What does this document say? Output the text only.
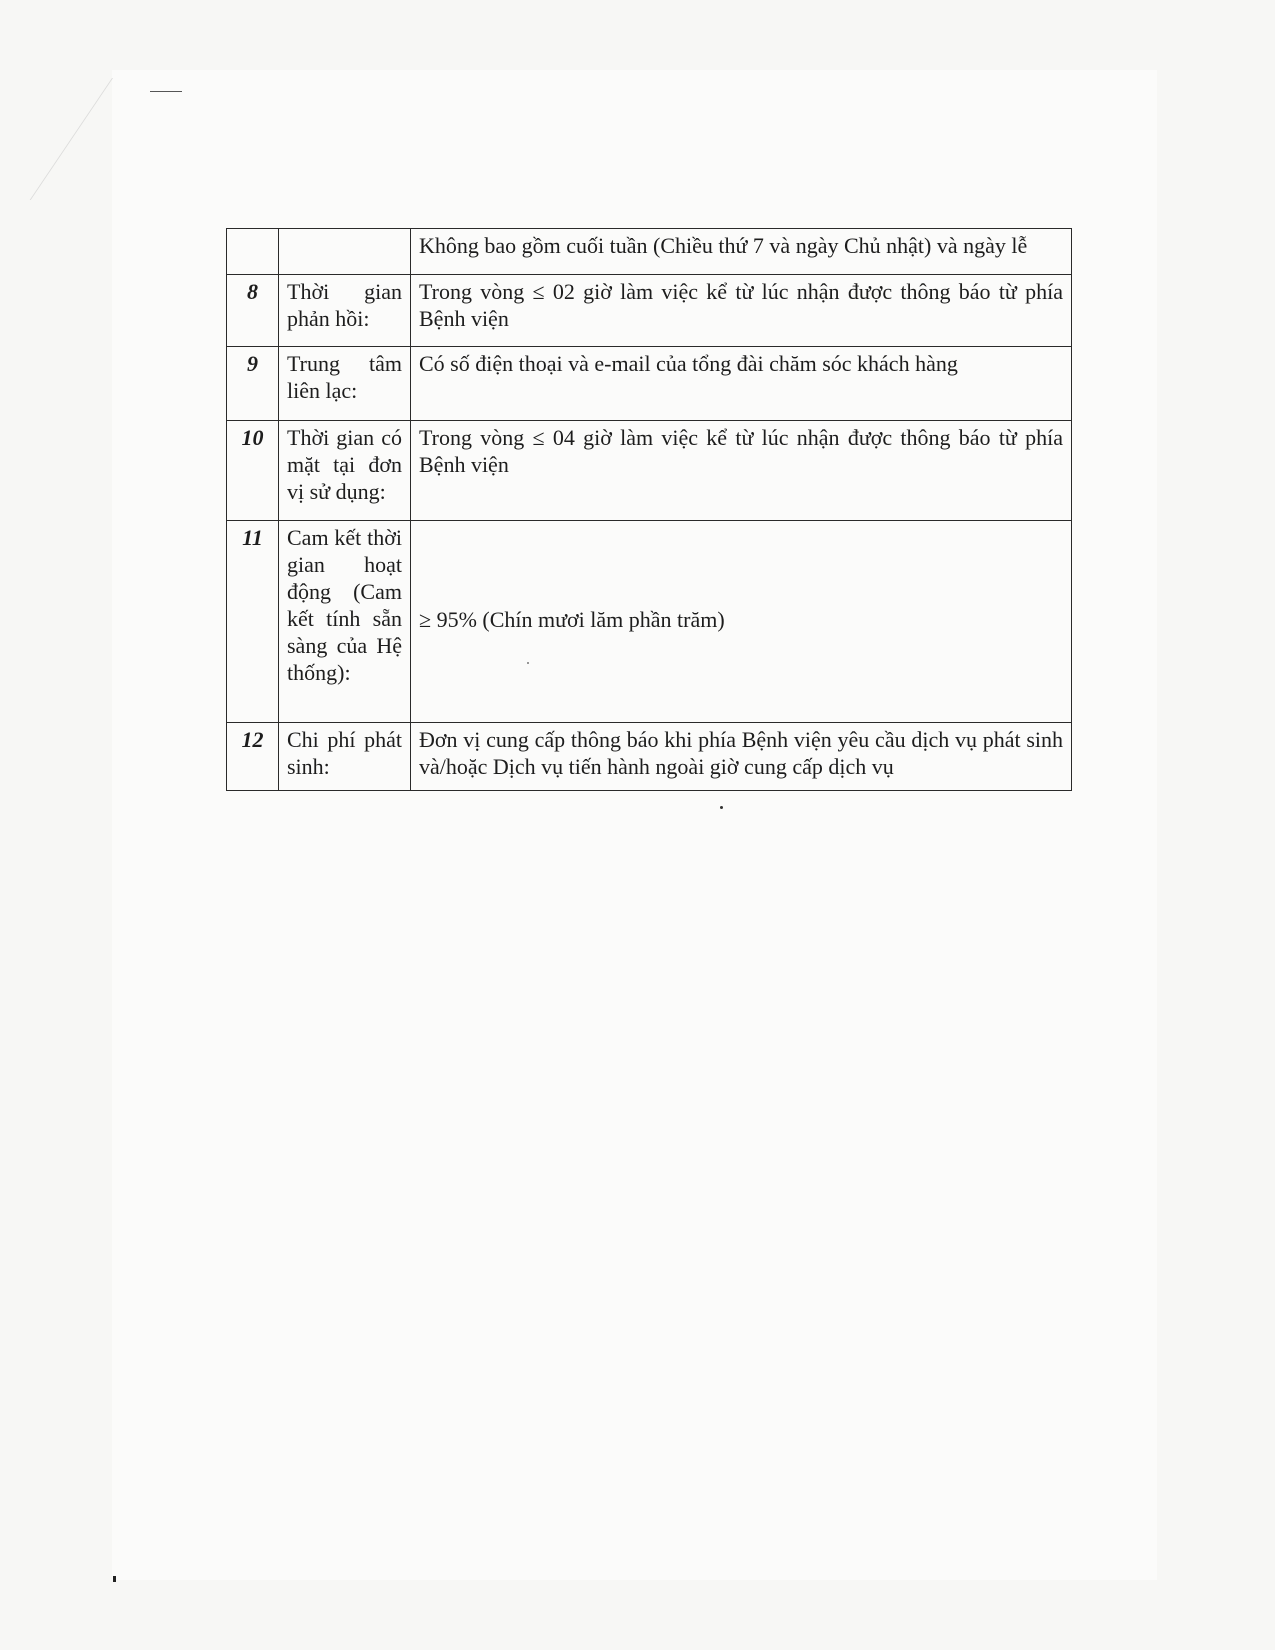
		Không bao gồm cuối tuần (Chiều thứ 7 và ngày Chủ nhật) và ngày lễ
8	Thời gian phản hồi:	Trong vòng ≤ 02 giờ làm việc kể từ lúc nhận được thông báo từ phía Bệnh viện
9	Trung tâm liên lạc:	Có số điện thoại và e-mail của tổng đài chăm sóc khách hàng
10	Thời gian có mặt tại đơn vị sử dụng:	Trong vòng ≤ 04 giờ làm việc kể từ lúc nhận được thông báo từ phía Bệnh viện
11	Cam kết thời gian hoạt động (Cam kết tính sẵn sàng của Hệ thống):	≥ 95% (Chín mươi lăm phần trăm)
12	Chi phí phát sinh:	Đơn vị cung cấp thông báo khi phía Bệnh viện yêu cầu dịch vụ phát sinh và/hoặc Dịch vụ tiến hành ngoài giờ cung cấp dịch vụ
